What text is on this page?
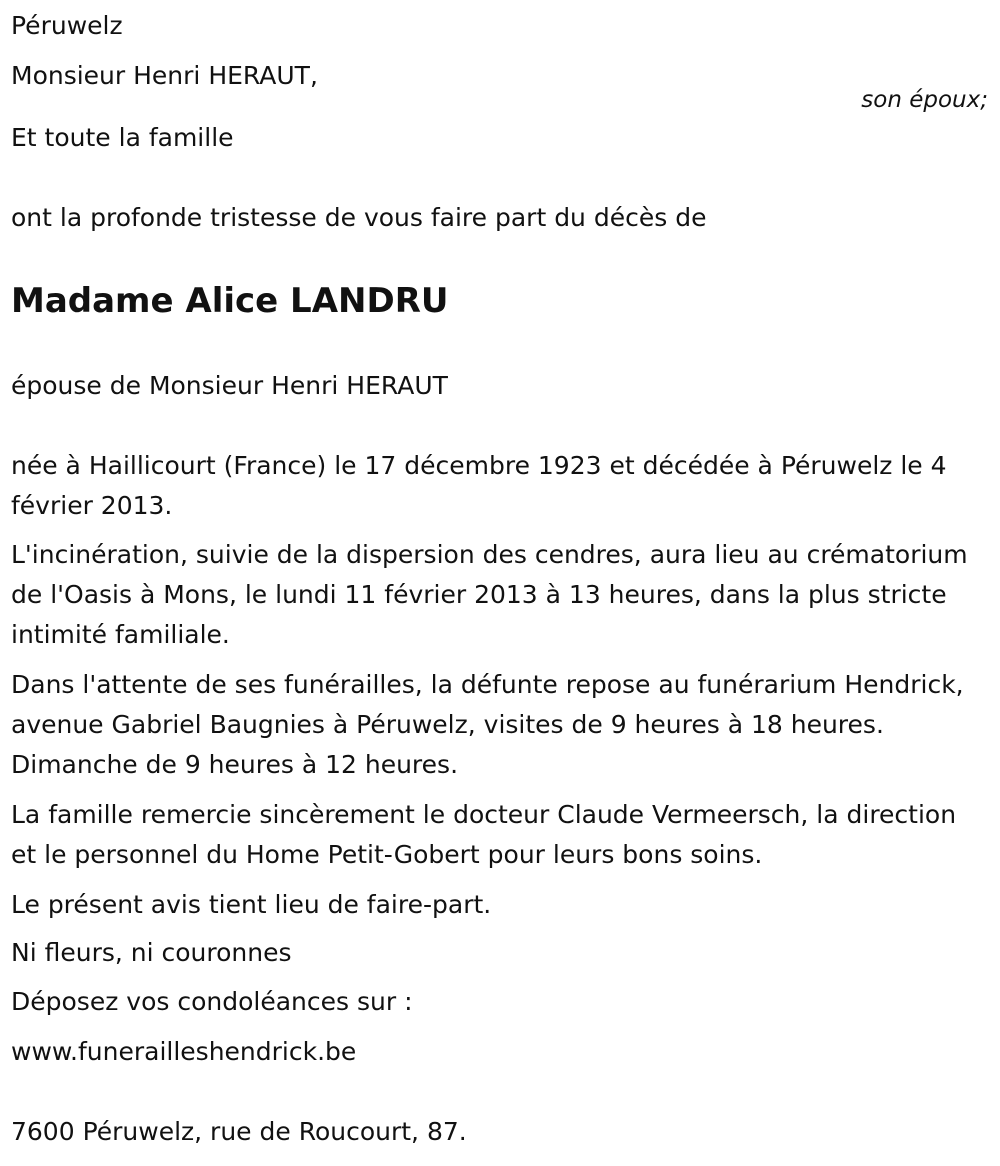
Péruwelz
Monsieur Henri HERAUT,
son époux;
Et toute la famille
ont la profonde tristesse de vous faire part du décès de
Madame Alice LANDRU
épouse de Monsieur Henri HERAUT
née à Haillicourt (France) le 17 décembre 1923 et décédée à Péruwelz le 4 février 2013.
L'incinération, suivie de la dispersion des cendres, aura lieu au crématorium de l'Oasis à Mons, le lundi 11 février 2013 à 13 heures, dans la plus stricte intimité familiale.
Dans l'attente de ses funérailles, la défunte repose au funérarium Hendrick, avenue Gabriel Baugnies à Péruwelz, visites de 9 heures à 18 heures. Dimanche de 9 heures à 12 heures.
La famille remercie sincèrement le docteur Claude Vermeersch, la direction et le personnel du Home Petit-Gobert pour leurs bons soins.
Le présent avis tient lieu de faire-part.
Ni fleurs, ni couronnes
Déposez vos condoléances sur :
www.funerailleshendrick.be
7600 Péruwelz, rue de Roucourt, 87.
